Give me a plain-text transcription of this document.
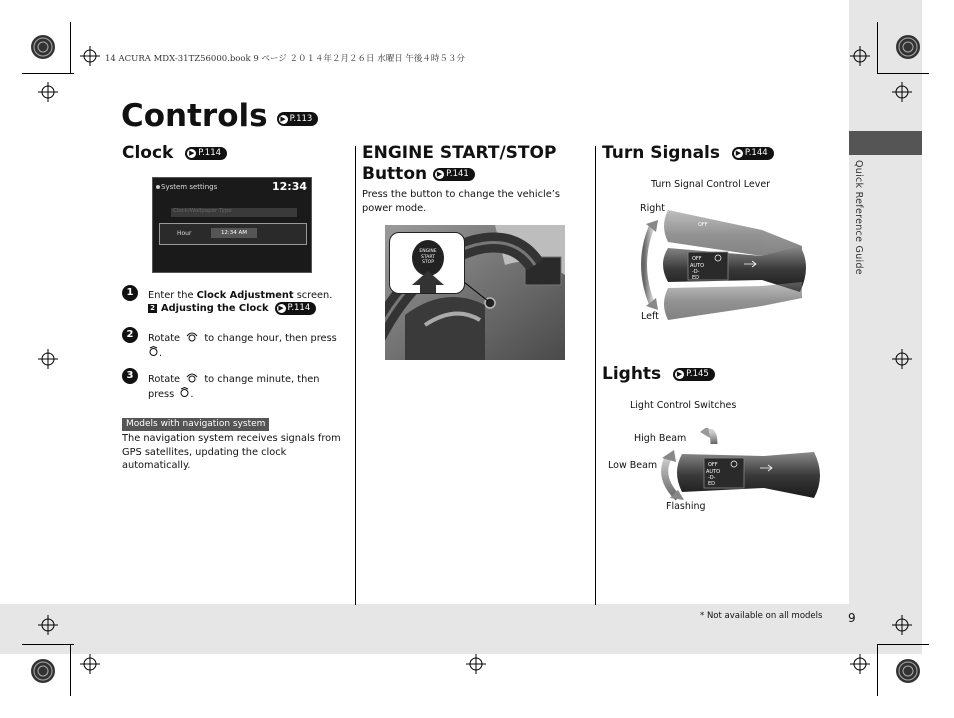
Quick Reference Guide
14 ACURA MDX-31TZ56000.book 9 ページ ２０１４年２月２６日 水曜日 午後４時５３分
Controls ▶ P.113
Clock ▶ P.114
System settings	12:34
Clock/Wallpaper Type
Hour	12:34 AM
1	Enter the Clock Adjustment screen.
2 Adjusting the Clock ▶ P.114
2	Rotate to change hour, then press
.
3	Rotate to change minute, then
press .
Models with navigation system
The navigation system receives signals from
GPS satellites, updating the clock
automatically.
ENGINE START/STOP
Button ▶ P.141
Press the button to change the vehicle’s
power mode.
ENGINE
START
STOP
Turn Signals ▶ P.144
Turn Signal Control Lever
Right
Left
OFF
OFF
AUTO
-D-
ED
Lights ▶ P.145
Light Control Switches
High Beam
Low Beam
Flashing
OFF
AUTO
-D-
ED
* Not available on all models 9
